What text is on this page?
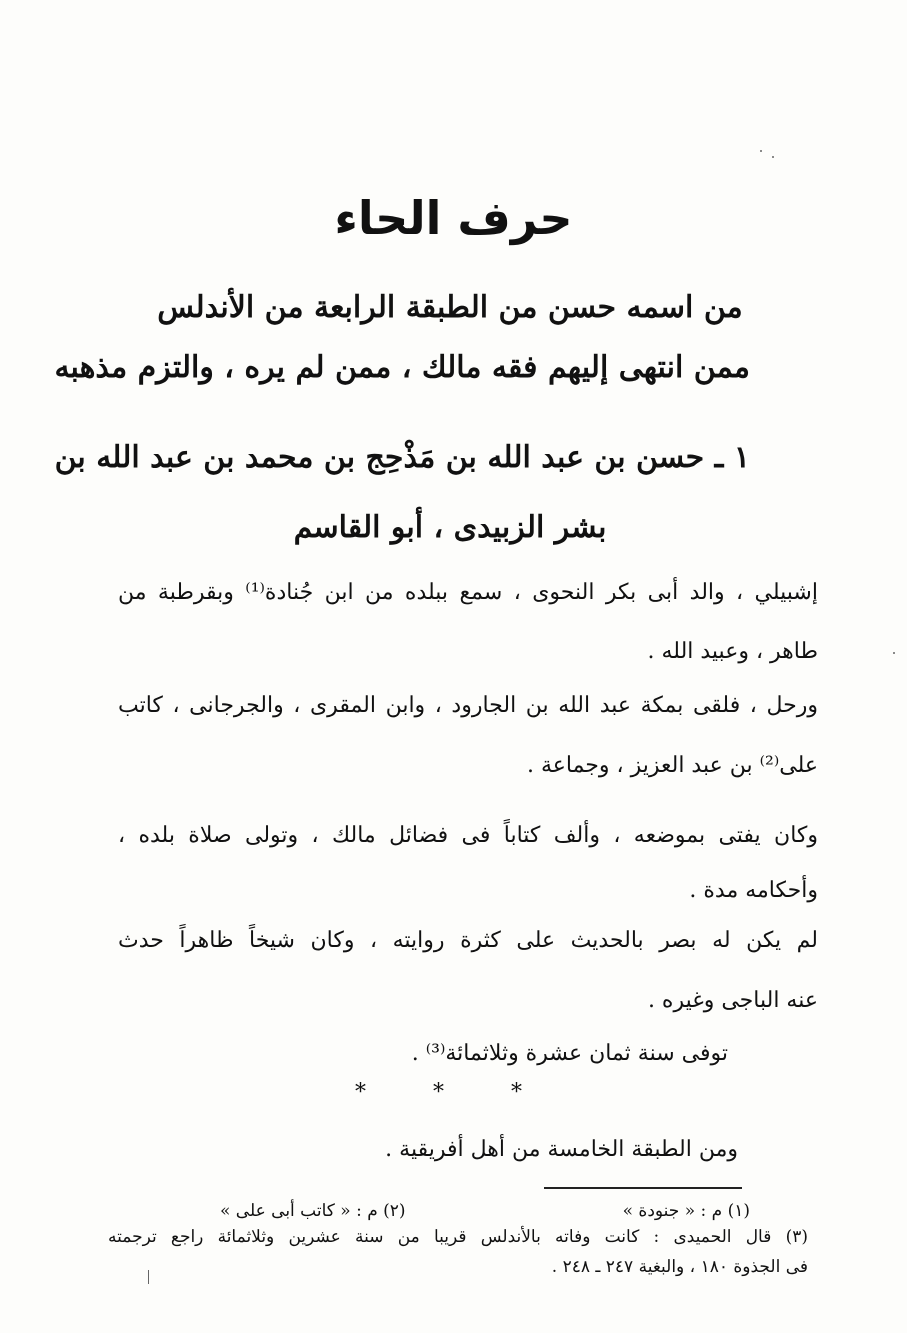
حرف الحاء
من اسمه حسن من الطبقة الرابعة من الأندلس
ممن انتهى إليهم فقه مالك ، ممن لم يره ، والتزم مذهبه
١ ـ حسن بن عبد الله بن مَذْحِج بن محمد بن عبد الله بن
بشر الزبيدى ، أبو القاسم
إشبيلي ، والد أبى بكر النحوى ، سمع ببلده من ابن جُنادة⁽¹⁾ وبقرطبة من
طاهر ، وعبيد الله .
ورحل ، فلقى بمكة عبد الله بن الجارود ، وابن المقرى ، والجرجانى ، كاتب
على⁽²⁾ بن عبد العزيز ، وجماعة .
وكان يفتى بموضعه ، وألف كتاباً فى فضائل مالك ، وتولى صلاة بلده ،
وأحكامه مدة .
لم يكن له بصر بالحديث على كثرة روايته ، وكان شيخاً ظاهراً حدث
عنه الباجى وغيره .
توفى سنة ثمان عشرة وثلاثمائة⁽³⁾ .
* * *
ومن الطبقة الخامسة من أهل أفريقية .
(٢) م : « كاتب أبى على »	(١) م : « جنودة »
(٣) قال الحميدى : كانت وفاته بالأندلس قريبا من سنة عشرين وثلاثمائة راجع ترجمته
فى الجذوة ١٨٠ ، والبغية ٢٤٧ ـ ٢٤٨ .
